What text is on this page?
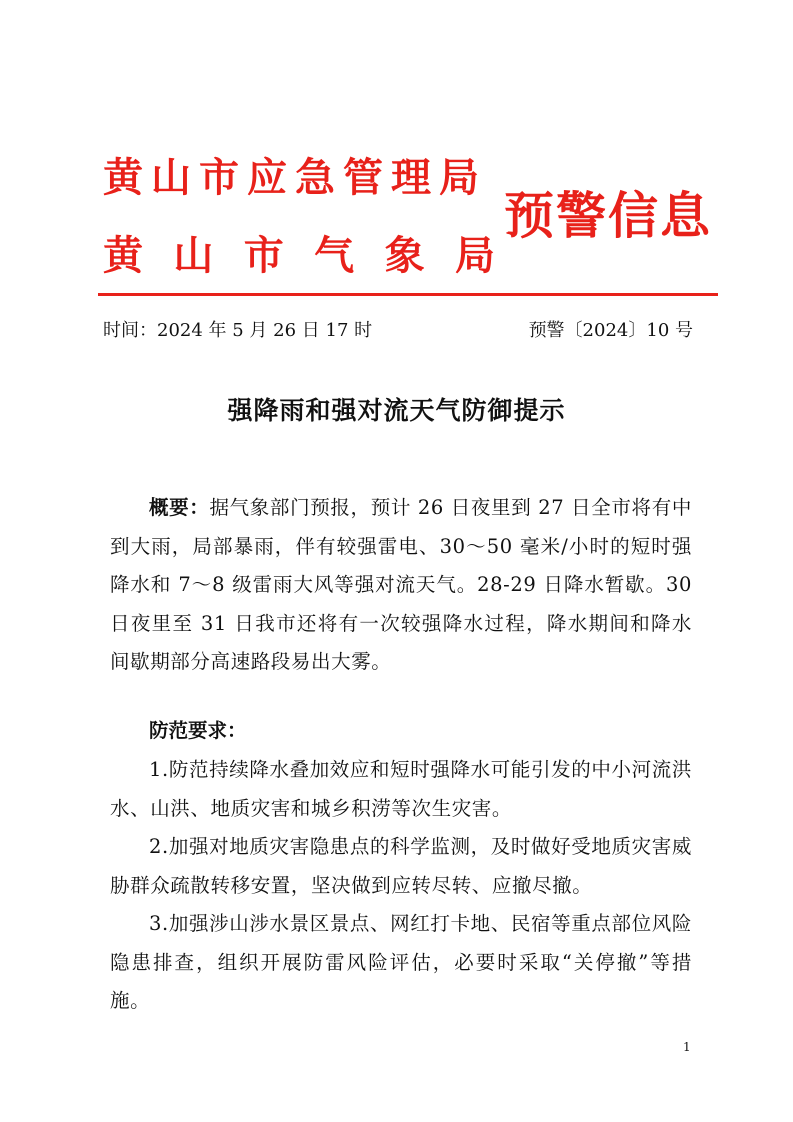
黄山市应急管理局
黄 山 市 气 象 局
预警信息
时间：2024 年 5 月 26 日 17 时	预警〔2024〕10 号
强降雨和强对流天气防御提示
概要：据气象部门预报，预计 26 日夜里到 27 日全市将有中到大雨，局部暴雨，伴有较强雷电、30～50 毫米/小时的短时强降水和 7～8 级雷雨大风等强对流天气。28-29 日降水暂歇。30 日夜里至 31 日我市还将有一次较强降水过程，降水期间和降水间歇期部分高速路段易出大雾。
防范要求：

1.防范持续降水叠加效应和短时强降水可能引发的中小河流洪水、山洪、地质灾害和城乡积涝等次生灾害。

2.加强对地质灾害隐患点的科学监测，及时做好受地质灾害威胁群众疏散转移安置，坚决做到应转尽转、应撤尽撤。

3.加强涉山涉水景区景点、网红打卡地、民宿等重点部位风险隐患排查，组织开展防雷风险评估，必要时采取“关停撤”等措施。

1
